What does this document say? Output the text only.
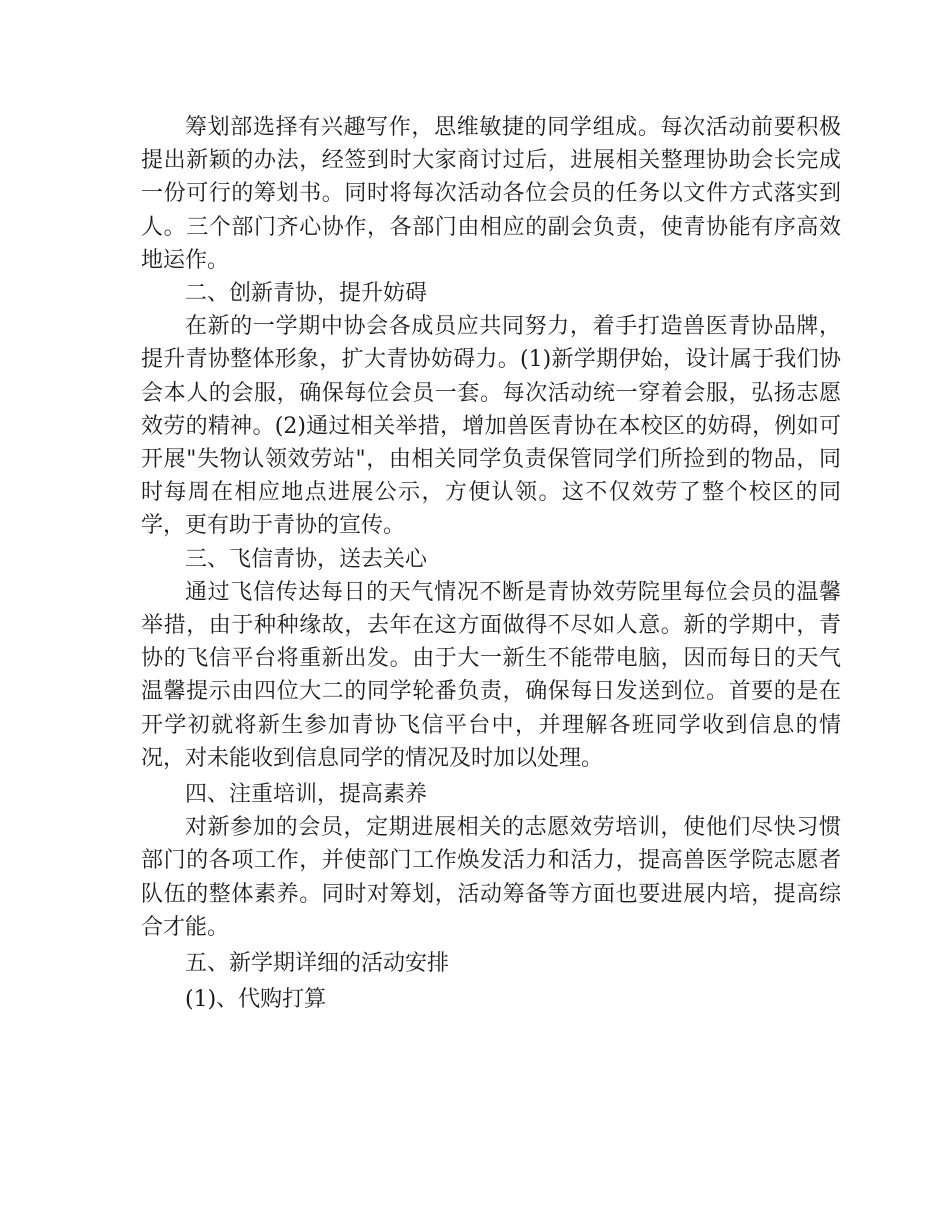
筹划部选择有兴趣写作，思维敏捷的同学组成。每次活动前要积极提出新颖的办法，经签到时大家商讨过后，进展相关整理协助会长完成一份可行的筹划书。同时将每次活动各位会员的任务以文件方式落实到人。三个部门齐心协作，各部门由相应的副会负责，使青协能有序高效地运作。

二、创新青协，提升妨碍

在新的一学期中协会各成员应共同努力，着手打造兽医青协品牌，提升青协整体形象，扩大青协妨碍力。(1)新学期伊始，设计属于我们协会本人的会服，确保每位会员一套。每次活动统一穿着会服，弘扬志愿效劳的精神。(2)通过相关举措，增加兽医青协在本校区的妨碍，例如可开展"失物认领效劳站"，由相关同学负责保管同学们所捡到的物品，同时每周在相应地点进展公示，方便认领。这不仅效劳了整个校区的同学，更有助于青协的宣传。

三、飞信青协，送去关心

通过飞信传达每日的天气情况不断是青协效劳院里每位会员的温馨举措，由于种种缘故，去年在这方面做得不尽如人意。新的学期中，青协的飞信平台将重新出发。由于大一新生不能带电脑，因而每日的天气温馨提示由四位大二的同学轮番负责，确保每日发送到位。首要的是在开学初就将新生参加青协飞信平台中，并理解各班同学收到信息的情况，对未能收到信息同学的情况及时加以处理。

四、注重培训，提高素养

对新参加的会员，定期进展相关的志愿效劳培训，使他们尽快习惯部门的各项工作，并使部门工作焕发活力和活力，提高兽医学院志愿者队伍的整体素养。同时对筹划，活动筹备等方面也要进展内培，提高综合才能。

五、新学期详细的活动安排

(1)、代购打算
